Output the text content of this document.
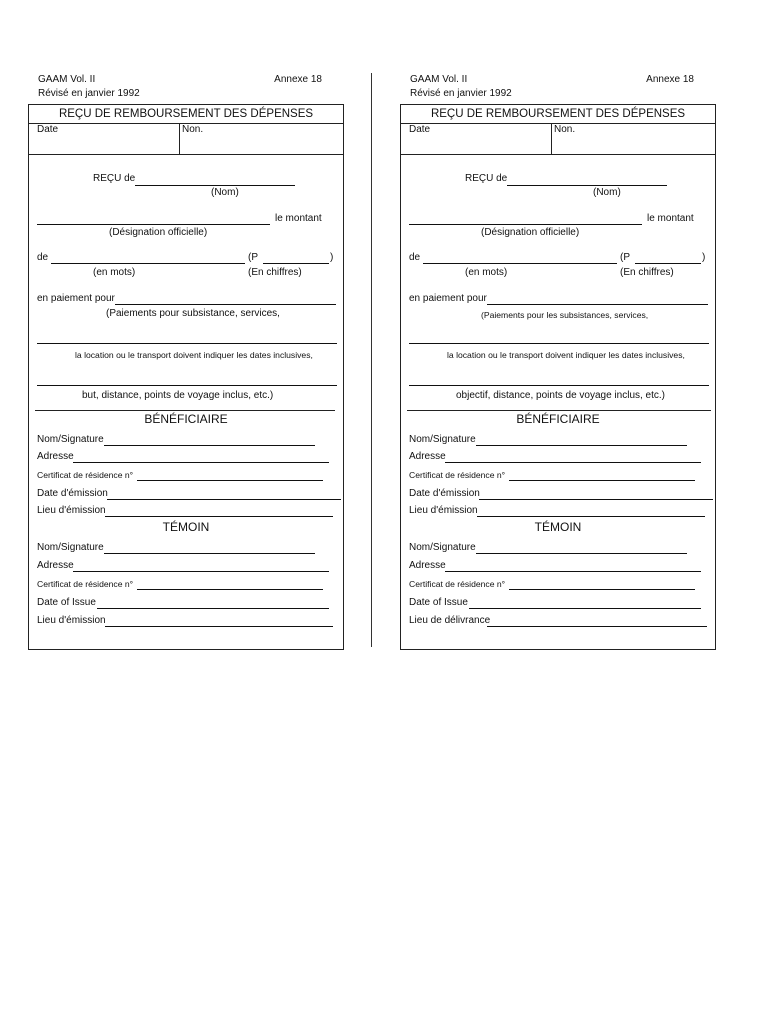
GAAM Vol. II	Annexe 18
Révisé en janvier 1992
REÇU DE REMBOURSEMENT DES DÉPENSES
Date	Non.
REÇU de
(Nom)
le montant
(Désignation officielle)
de	(P	)
(en mots)	(En chiffres)
en paiement pour
(Paiements pour subsistance, services,
la location ou le transport doivent indiquer les dates inclusives,
but, distance, points de voyage inclus, etc.)
BÉNÉFICIAIRE
Nom/Signature
Adresse
Certificat de résidence n°
Date d'émission
Lieu d'émission
TÉMOIN
Nom/Signature
Adresse
Certificat de résidence n°
Date of Issue
Lieu d'émission
GAAM Vol. II	Annexe 18
Révisé en janvier 1992
REÇU DE REMBOURSEMENT DES DÉPENSES
Date	Non.
REÇU de
(Nom)
le montant
(Désignation officielle)
de	(P	)
(en mots)	(En chiffres)
en paiement pour
(Paiements pour les subsistances, services,
la location ou le transport doivent indiquer les dates inclusives,
objectif, distance, points de voyage inclus, etc.)
BÉNÉFICIAIRE
Nom/Signature
Adresse
Certificat de résidence n°
Date d'émission
Lieu d'émission
TÉMOIN
Nom/Signature
Adresse
Certificat de résidence n°
Date of Issue
Lieu de délivrance
